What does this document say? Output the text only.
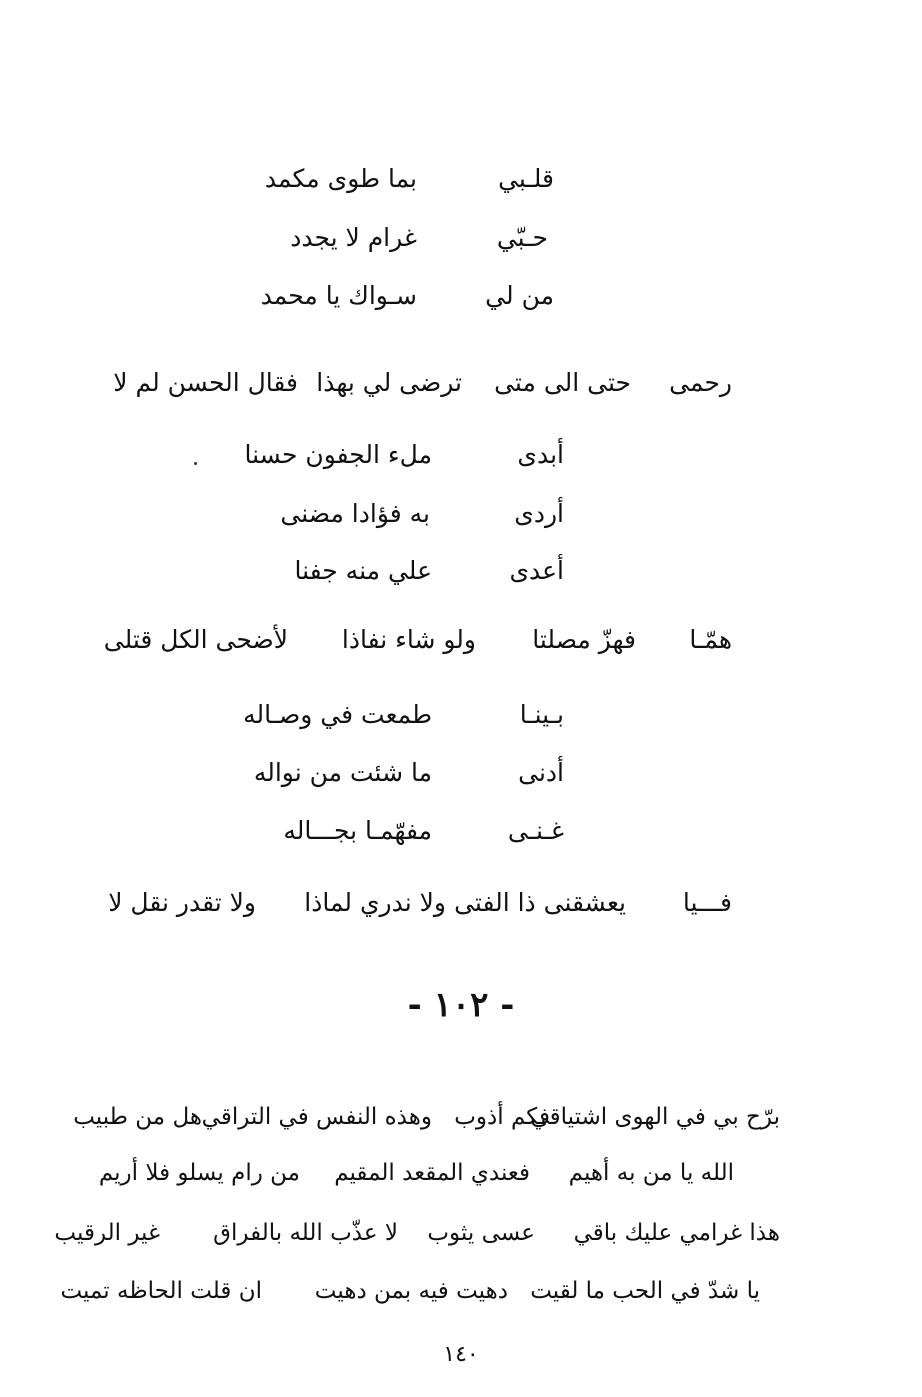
قلـبي
بما طوى مكمد
حـبّي
غرام لا يجدد
من لي
سـواك يا محمد
رحمى
حتى الى متى
ترضى لي بهذا
فقال الحسن لم لا
أبدى
ملء الجفون حسنا
أردى
به فؤادا مضنى
أعدى
علي منه جفنا
همّـا
فهزّ مصلتا
ولو شاء نفاذا
لأضحى الكل قتلى
بـينـا
طمعت في وصـاله
أدنى
ما شئت من نواله
غـنـى
مفهّمـا بجـــاله
فـــيا
يعشقنى ذا الفتى
ولا ندري لماذا
ولا تقدر نقل لا
- ١٠٢ -
برّح بي في الهوى اشتياقي
فكم أذوب
وهذه النفس في التراقي
هل من طبيب
الله يا من به أهيم
فعندي المقعد المقيم
من رام يسلو فلا أريم
هذا غرامي عليك باقي
عسى يثوب
لا عذّب الله بالفراق
غير الرقيب
يا شدّ في الحب ما لقيت
دهيت فيه بمن دهيت
ان قلت الحاظه تميت
١٤٠
